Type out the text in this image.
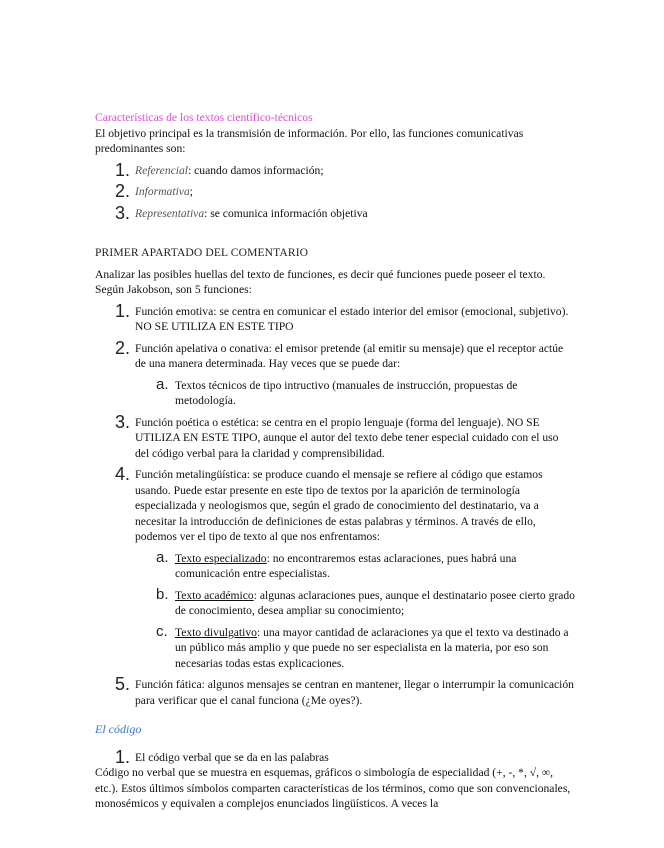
Características de los textos científico-técnicos

El objetivo principal es la transmisión de información. Por ello, las funciones comunicativas predominantes son:

1. Referencial: cuando damos información;
2. Informativa;
3. Representativa: se comunica información objetiva

PRIMER APARTADO DEL COMENTARIO

Analizar las posibles huellas del texto de funciones, es decir qué funciones puede poseer el texto. Según Jakobson, son 5 funciones:

1. Función emotiva: se centra en comunicar el estado interior del emisor (emocional, subjetivo). NO SE UTILIZA EN ESTE TIPO
2. Función apelativa o conativa: el emisor pretende (al emitir su mensaje) que el receptor actúe de una manera determinada. Hay veces que se puede dar:
a. Textos técnicos de tipo intructivo (manuales de instrucción, propuestas de metodología.
3. Función poética o estética: se centra en el propio lenguaje (forma del lenguaje). NO SE UTILIZA EN ESTE TIPO, aunque el autor del texto debe tener especial cuidado con el uso del código verbal para la claridad y comprensibilidad.
4. Función metalingüística: se produce cuando el mensaje se refiere al código que estamos usando. Puede estar presente en este tipo de textos por la aparición de terminología especializada y neologismos que, según el grado de conocimiento del destinatario, va a necesitar la introducción de definiciones de estas palabras y términos. A través de ello, podemos ver el tipo de texto al que nos enfrentamos:
a. Texto especializado: no encontraremos estas aclaraciones, pues habrá una comunicación entre especialistas.
b. Texto académico: algunas aclaraciones pues, aunque el destinatario posee cierto grado de conocimiento, desea ampliar su conocimiento;
c. Texto divulgativo: una mayor cantidad de aclaraciones ya que el texto va destinado a un público más amplio y que puede no ser especialista en la materia, por eso son necesarias todas estas explicaciones.
5. Función fática: algunos mensajes se centran en mantener, llegar o interrumpir la comunicación para verificar que el canal funciona (¿Me oyes?).

El código

1. El código verbal que se da en las palabras

Código no verbal que se muestra en esquemas, gráficos o simbología de especialidad (+, -, *, √, ∞, etc.). Estos últimos símbolos comparten características de los términos, como que son convencionales, monosémicos y equivalen a complejos enunciados lingüísticos. A veces la
